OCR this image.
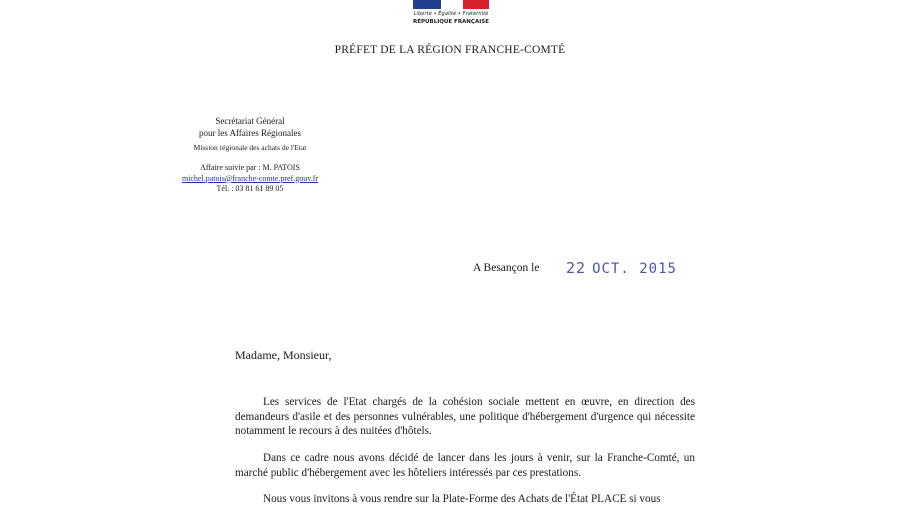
Liberté • Égalité • Fraternité
RÉPUBLIQUE FRANÇAISE
PRÉFET DE LA RÉGION FRANCHE-COMTÉ
Secrétariat Général
pour les Affaires Régionales
Mission régionale des achats de l'Etat
Affaire suivie par : M. PATOIS
michel.patois@franche-comte.pref.gouv.fr
Tél. : 03 81 61 89 05
A Besançon le 22 OCT. 2015
Madame, Monsieur,
Les services de l'Etat chargés de la cohésion sociale mettent en œuvre, en direction des demandeurs d'asile et des personnes vulnérables, une politique d'hébergement d'urgence qui nécessite notamment le recours à des nuitées d'hôtels.
Dans ce cadre nous avons décidé de lancer dans les jours à venir, sur la Franche-Comté, un marché public d'hébergement avec les hôteliers intéressés par ces prestations.
Nous vous invitons à vous rendre sur la Plate-Forme des Achats de l'État PLACE si vous
